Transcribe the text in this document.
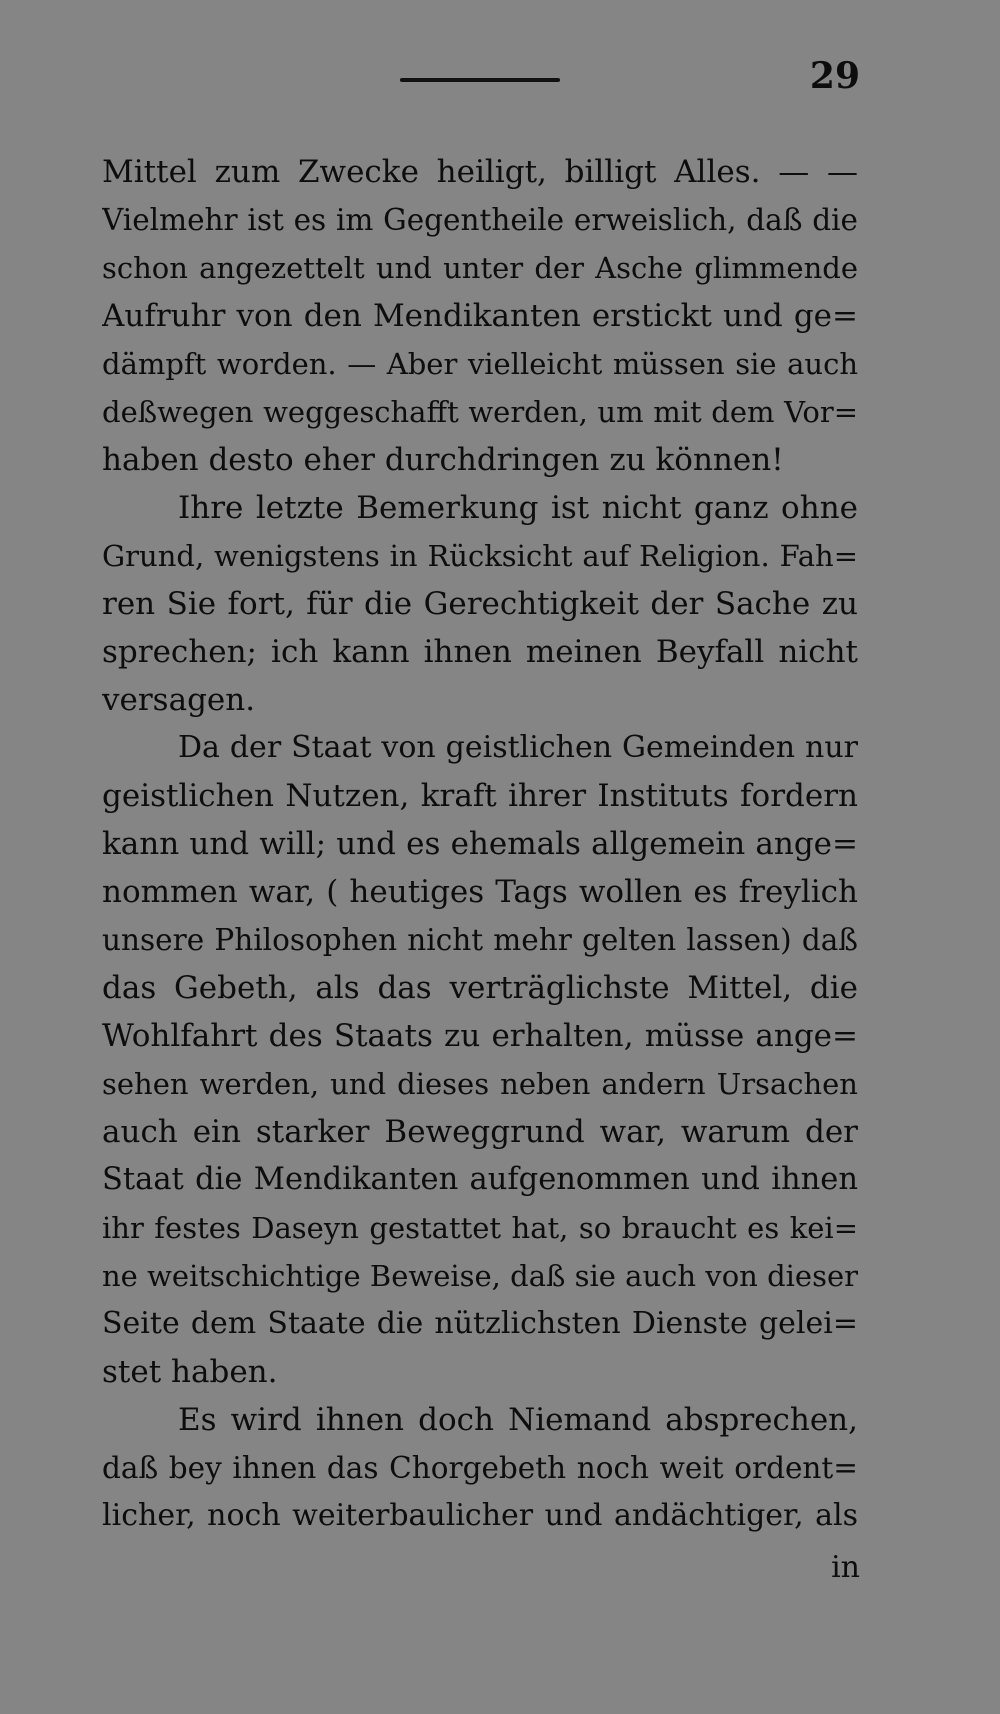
29
Mittel zum Zwecke heiligt, billigt Alles. — —
Vielmehr ist es im Gegentheile erweislich, daß die
schon angezettelt und unter der Asche glimmende
Aufruhr von den Mendikanten erstickt und ge=
dämpft worden. — Aber vielleicht müssen sie auch
deßwegen weggeschafft werden, um mit dem Vor=
haben desto eher durchdringen zu können!
Ihre letzte Bemerkung ist nicht ganz ohne
Grund, wenigstens in Rücksicht auf Religion. Fah=
ren Sie fort, für die Gerechtigkeit der Sache zu
sprechen; ich kann ihnen meinen Beyfall nicht
versagen.
Da der Staat von geistlichen Gemeinden nur
geistlichen Nutzen, kraft ihrer Instituts fordern
kann und will; und es ehemals allgemein ange=
nommen war, ( heutiges Tags wollen es freylich
unsere Philosophen nicht mehr gelten lassen) daß
das Gebeth, als das verträglichste Mittel, die
Wohlfahrt des Staats zu erhalten, müsse ange=
sehen werden, und dieses neben andern Ursachen
auch ein starker Beweggrund war, warum der
Staat die Mendikanten aufgenommen und ihnen
ihr festes Daseyn gestattet hat, so braucht es kei=
ne weitschichtige Beweise, daß sie auch von dieser
Seite dem Staate die nützlichsten Dienste gelei=
stet haben.
Es wird ihnen doch Niemand absprechen,
daß bey ihnen das Chorgebeth noch weit ordent=
licher, noch weiterbaulicher und andächtiger, als
in
